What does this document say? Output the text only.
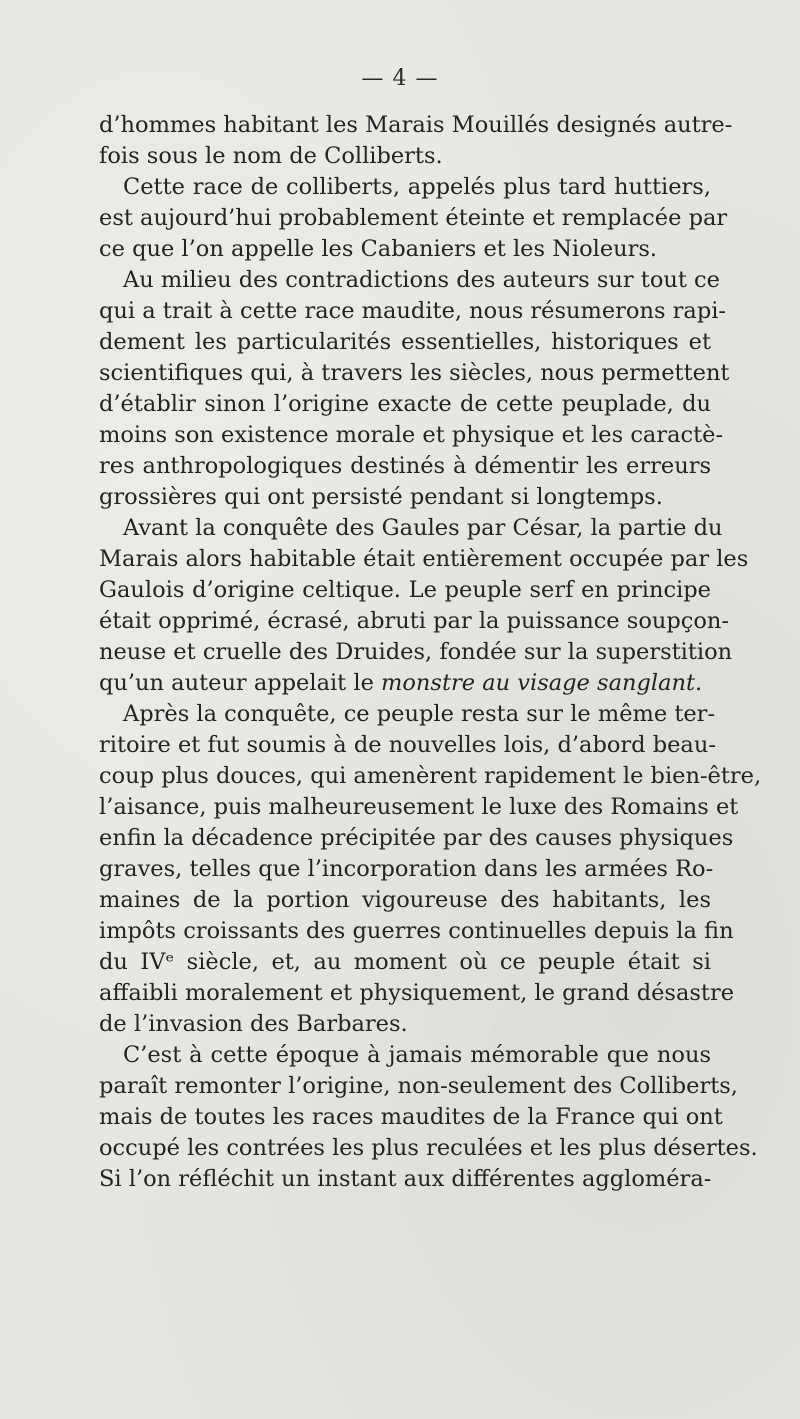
— 4 —
d’hommes habitant les Marais Mouillés designés autre-
fois sous le nom de Colliberts.
Cette race de colliberts, appelés plus tard huttiers,
est aujourd’hui probablement éteinte et remplacée par
ce que l’on appelle les Cabaniers et les Nioleurs.
Au milieu des contradictions des auteurs sur tout ce
qui a trait à cette race maudite, nous résumerons rapi-
dement les particularités essentielles, historiques et
scientifiques qui, à travers les siècles, nous permettent
d’établir sinon l’origine exacte de cette peuplade, du
moins son existence morale et physique et les caractè-
res anthropologiques destinés à démentir les erreurs
grossières qui ont persisté pendant si longtemps.
Avant la conquête des Gaules par César, la partie du
Marais alors habitable était entièrement occupée par les
Gaulois d’origine celtique. Le peuple serf en principe
était opprimé, écrasé, abruti par la puissance soupçon-
neuse et cruelle des Druides, fondée sur la superstition
qu’un auteur appelait le monstre au visage sanglant.
Après la conquête, ce peuple resta sur le même ter-
ritoire et fut soumis à de nouvelles lois, d’abord beau-
coup plus douces, qui amenèrent rapidement le bien-être,
l’aisance, puis malheureusement le luxe des Romains et
enfin la décadence précipitée par des causes physiques
graves, telles que l’incorporation dans les armées Ro-
maines de la portion vigoureuse des habitants, les
impôts croissants des guerres continuelles depuis la fin
du IVᵉ siècle, et, au moment où ce peuple était si
affaibli moralement et physiquement, le grand désastre
de l’invasion des Barbares.
C’est à cette époque à jamais mémorable que nous
paraît remonter l’origine, non-seulement des Colliberts,
mais de toutes les races maudites de la France qui ont
occupé les contrées les plus reculées et les plus désertes.
Si l’on réfléchit un instant aux différentes aggloméra-
